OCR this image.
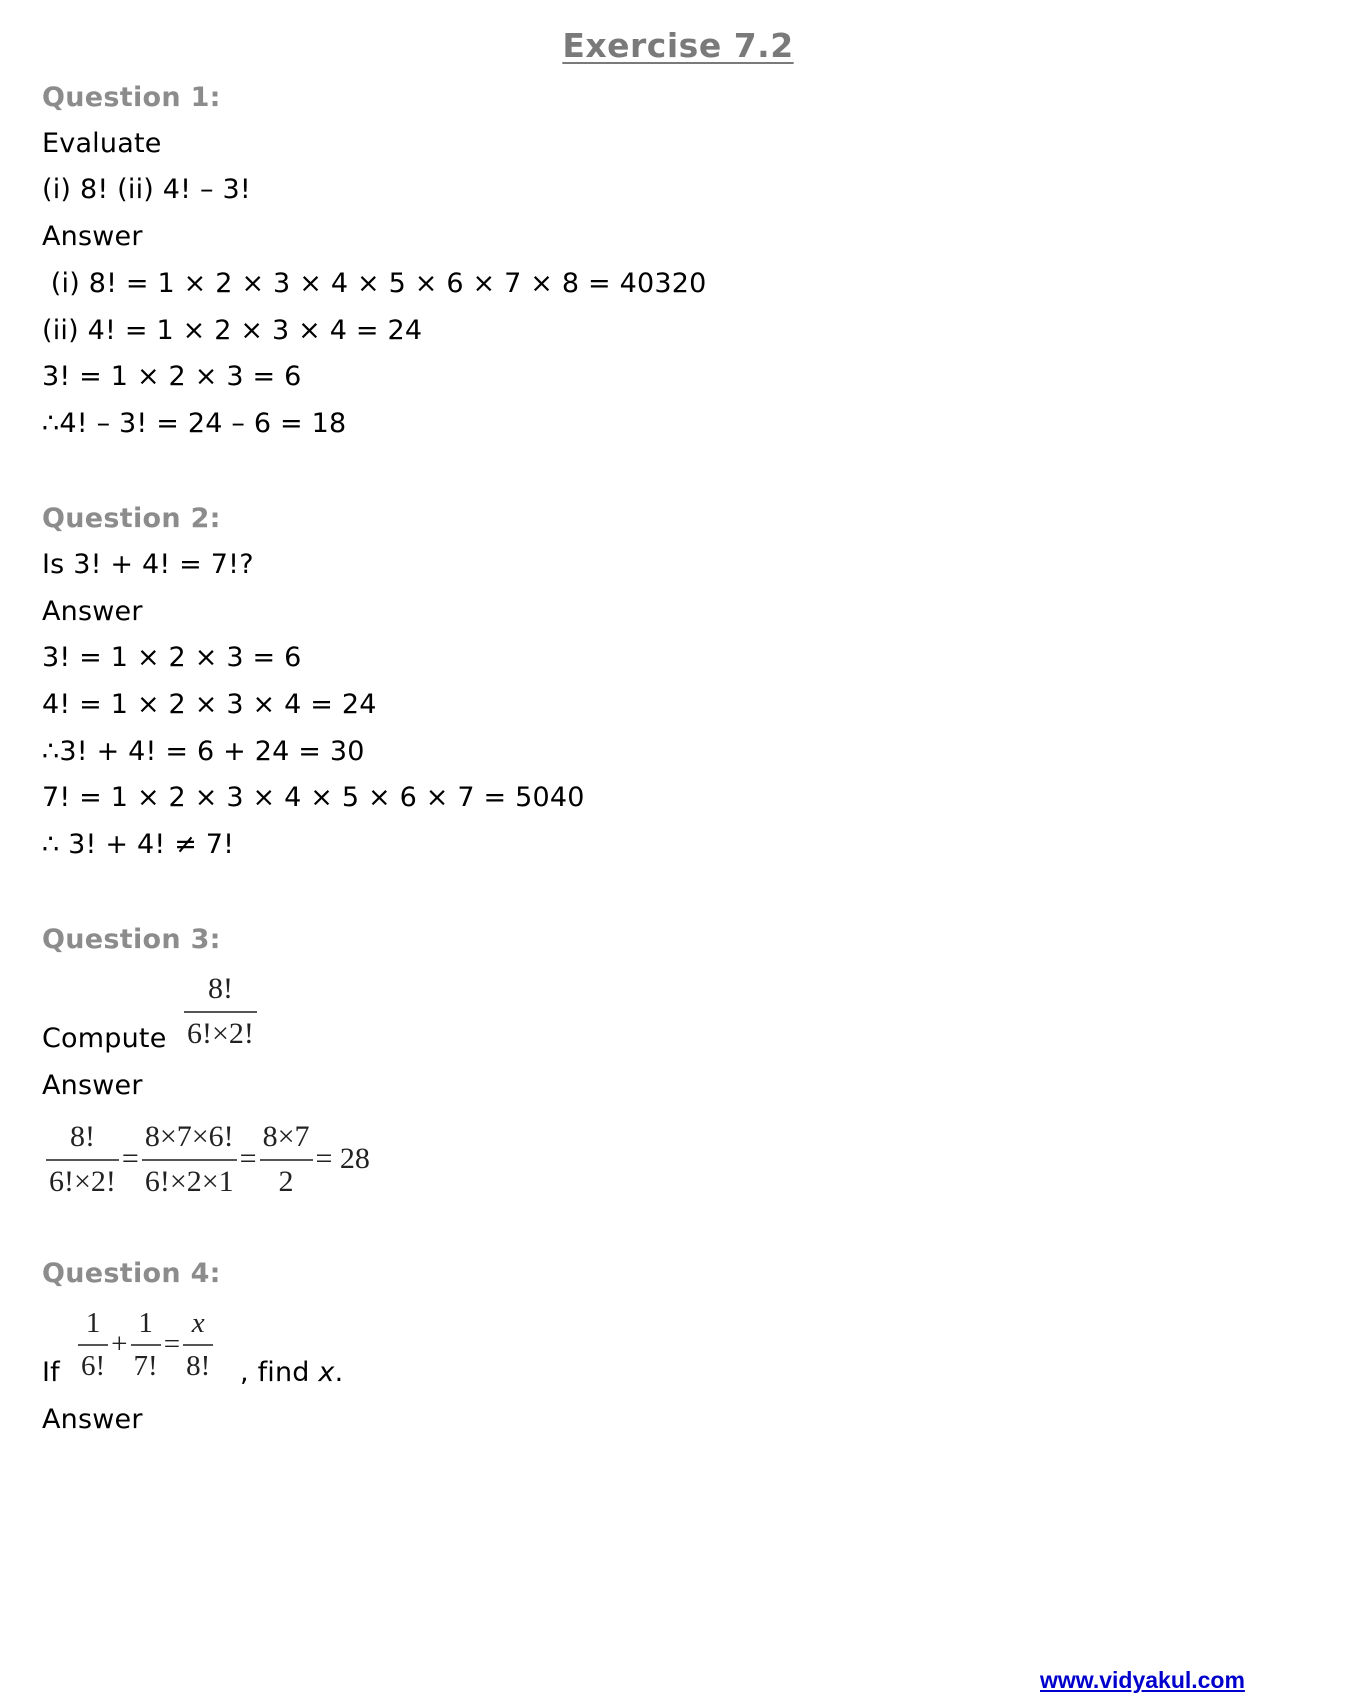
Exercise 7.2
Question 1:
Evaluate
(i) 8! (ii) 4! – 3!
Answer
(i) 8! = 1 × 2 × 3 × 4 × 5 × 6 × 7 × 8 = 40320
(ii) 4! = 1 × 2 × 3 × 4 = 24
3! = 1 × 2 × 3 = 6
∴4! – 3! = 24 – 6 = 18
Question 2:
Is 3! + 4! = 7!?
Answer
3! = 1 × 2 × 3 = 6
4! = 1 × 2 × 3 × 4 = 24
∴3! + 4! = 6 + 24 = 30
7! = 1 × 2 × 3 × 4 × 5 × 6 × 7 = 5040
∴ 3! + 4! ≠ 7!
Question 3:
Compute $\frac{8!}{6!\times 2!}$
Answer
$\frac{8!}{6!\times 2!} = \frac{8\times 7\times 6!}{6!\times 2\times 1} = \frac{8\times 7}{2} = 28$
Question 4:
If $\frac{1}{6!} + \frac{1}{7!} = \frac{x}{8!}$ , find x.
Answer
www.vidyakul.com
